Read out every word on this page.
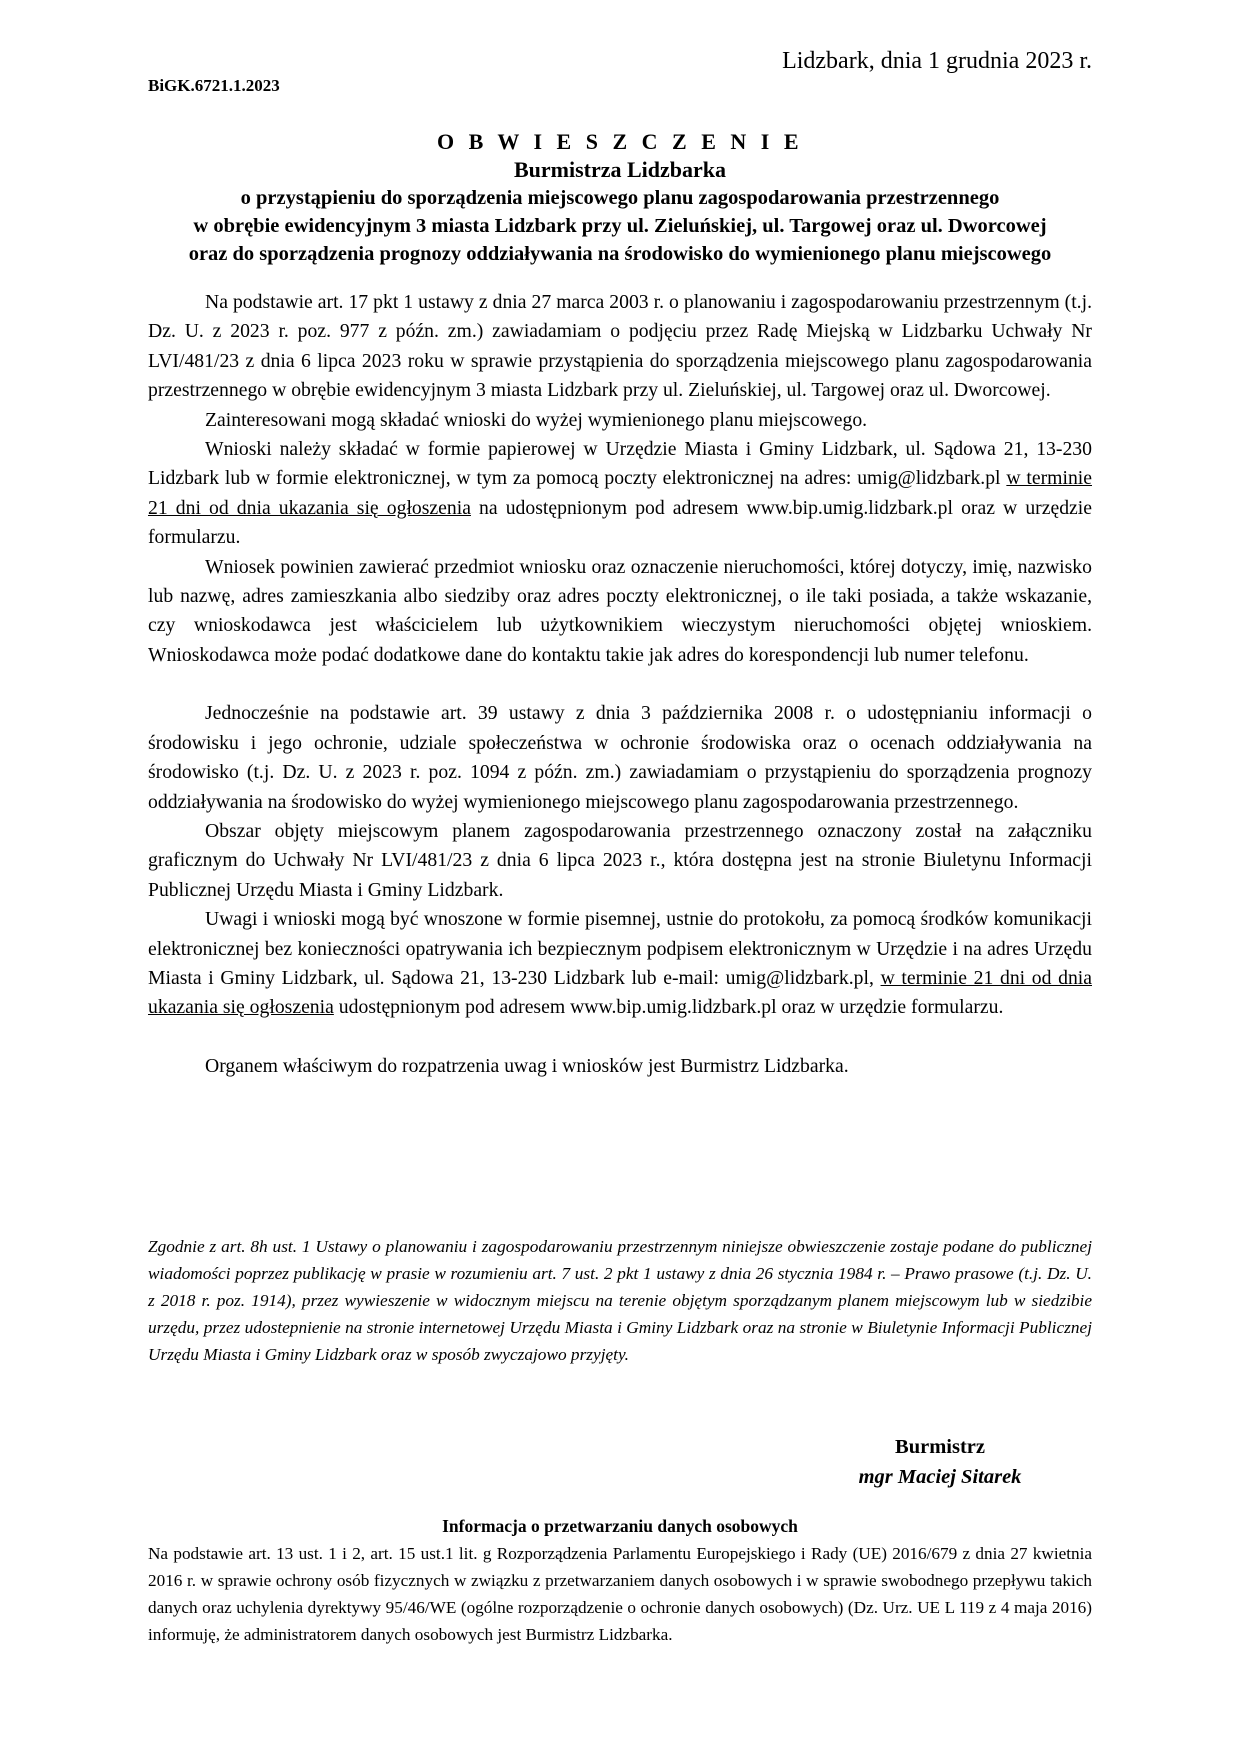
BiGK.6721.1.2023
Lidzbark, dnia 1 grudnia 2023 r.
O B W I E S Z C Z E N I E
Burmistrza Lidzbarka
o przystąpieniu do sporządzenia miejscowego planu zagospodarowania przestrzennego
w obrębie ewidencyjnym 3 miasta Lidzbark przy ul. Zieluńskiej, ul. Targowej oraz ul. Dworcowej
oraz do sporządzenia prognozy oddziaływania na środowisko do wymienionego planu miejscowego

Na podstawie art. 17 pkt 1 ustawy z dnia 27 marca 2003 r. o planowaniu i zagospodarowaniu przestrzennym (t.j. Dz. U. z 2023 r. poz. 977 z późn. zm.) zawiadamiam o podjęciu przez Radę Miejską w Lidzbarku Uchwały Nr LVI/481/23 z dnia 6 lipca 2023 roku w sprawie przystąpienia do sporządzenia miejscowego planu zagospodarowania przestrzennego w obrębie ewidencyjnym 3 miasta Lidzbark przy ul. Zieluńskiej, ul. Targowej oraz ul. Dworcowej.

Zainteresowani mogą składać wnioski do wyżej wymienionego planu miejscowego.

Wnioski należy składać w formie papierowej w Urzędzie Miasta i Gminy Lidzbark, ul. Sądowa 21, 13-230 Lidzbark lub w formie elektronicznej, w tym za pomocą poczty elektronicznej na adres: umig@lidzbark.pl w terminie 21 dni od dnia ukazania się ogłoszenia na udostępnionym pod adresem www.bip.umig.lidzbark.pl oraz w urzędzie formularzu.

Wniosek powinien zawierać przedmiot wniosku oraz oznaczenie nieruchomości, której dotyczy, imię, nazwisko lub nazwę, adres zamieszkania albo siedziby oraz adres poczty elektronicznej, o ile taki posiada, a także wskazanie, czy wnioskodawca jest właścicielem lub użytkownikiem wieczystym nieruchomości objętej wnioskiem. Wnioskodawca może podać dodatkowe dane do kontaktu takie jak adres do korespondencji lub numer telefonu.

Jednocześnie na podstawie art. 39 ustawy z dnia 3 października 2008 r. o udostępnianiu informacji o środowisku i jego ochronie, udziale społeczeństwa w ochronie środowiska oraz o ocenach oddziaływania na środowisko (t.j. Dz. U. z 2023 r. poz. 1094 z późn. zm.) zawiadamiam o przystąpieniu do sporządzenia prognozy oddziaływania na środowisko do wyżej wymienionego miejscowego planu zagospodarowania przestrzennego.

Obszar objęty miejscowym planem zagospodarowania przestrzennego oznaczony został na załączniku graficznym do Uchwały Nr LVI/481/23 z dnia 6 lipca 2023 r., która dostępna jest na stronie Biuletynu Informacji Publicznej Urzędu Miasta i Gminy Lidzbark.

Uwagi i wnioski mogą być wnoszone w formie pisemnej, ustnie do protokołu, za pomocą środków komunikacji elektronicznej bez konieczności opatrywania ich bezpiecznym podpisem elektronicznym w Urzędzie i na adres Urzędu Miasta i Gminy Lidzbark, ul. Sądowa 21, 13-230 Lidzbark lub e-mail: umig@lidzbark.pl, w terminie 21 dni od dnia ukazania się ogłoszenia udostępnionym pod adresem www.bip.umig.lidzbark.pl oraz w urzędzie formularzu.

Organem właściwym do rozpatrzenia uwag i wniosków jest Burmistrz Lidzbarka.

Zgodnie z art. 8h ust. 1 Ustawy o planowaniu i zagospodarowaniu przestrzennym niniejsze obwieszczenie zostaje podane do publicznej wiadomości poprzez publikację w prasie w rozumieniu art. 7 ust. 2 pkt 1 ustawy z dnia 26 stycznia 1984 r. – Prawo prasowe (t.j. Dz. U. z 2018 r. poz. 1914), przez wywieszenie w widocznym miejscu na terenie objętym sporządzanym planem miejscowym lub w siedzibie urzędu, przez udostepnienie na stronie internetowej Urzędu Miasta i Gminy Lidzbark oraz na stronie w Biuletynie Informacji Publicznej Urzędu Miasta i Gminy Lidzbark oraz w sposób zwyczajowo przyjęty.

Burmistrz
mgr Maciej Sitarek
Informacja o przetwarzaniu danych osobowych

Na podstawie art. 13 ust. 1 i 2, art. 15 ust.1 lit. g Rozporządzenia Parlamentu Europejskiego i Rady (UE) 2016/679 z dnia 27 kwietnia 2016 r. w sprawie ochrony osób fizycznych w związku z przetwarzaniem danych osobowych i w sprawie swobodnego przepływu takich danych oraz uchylenia dyrektywy 95/46/WE (ogólne rozporządzenie o ochronie danych osobowych) (Dz. Urz. UE L 119 z 4 maja 2016) informuję, że administratorem danych osobowych jest Burmistrz Lidzbarka.
